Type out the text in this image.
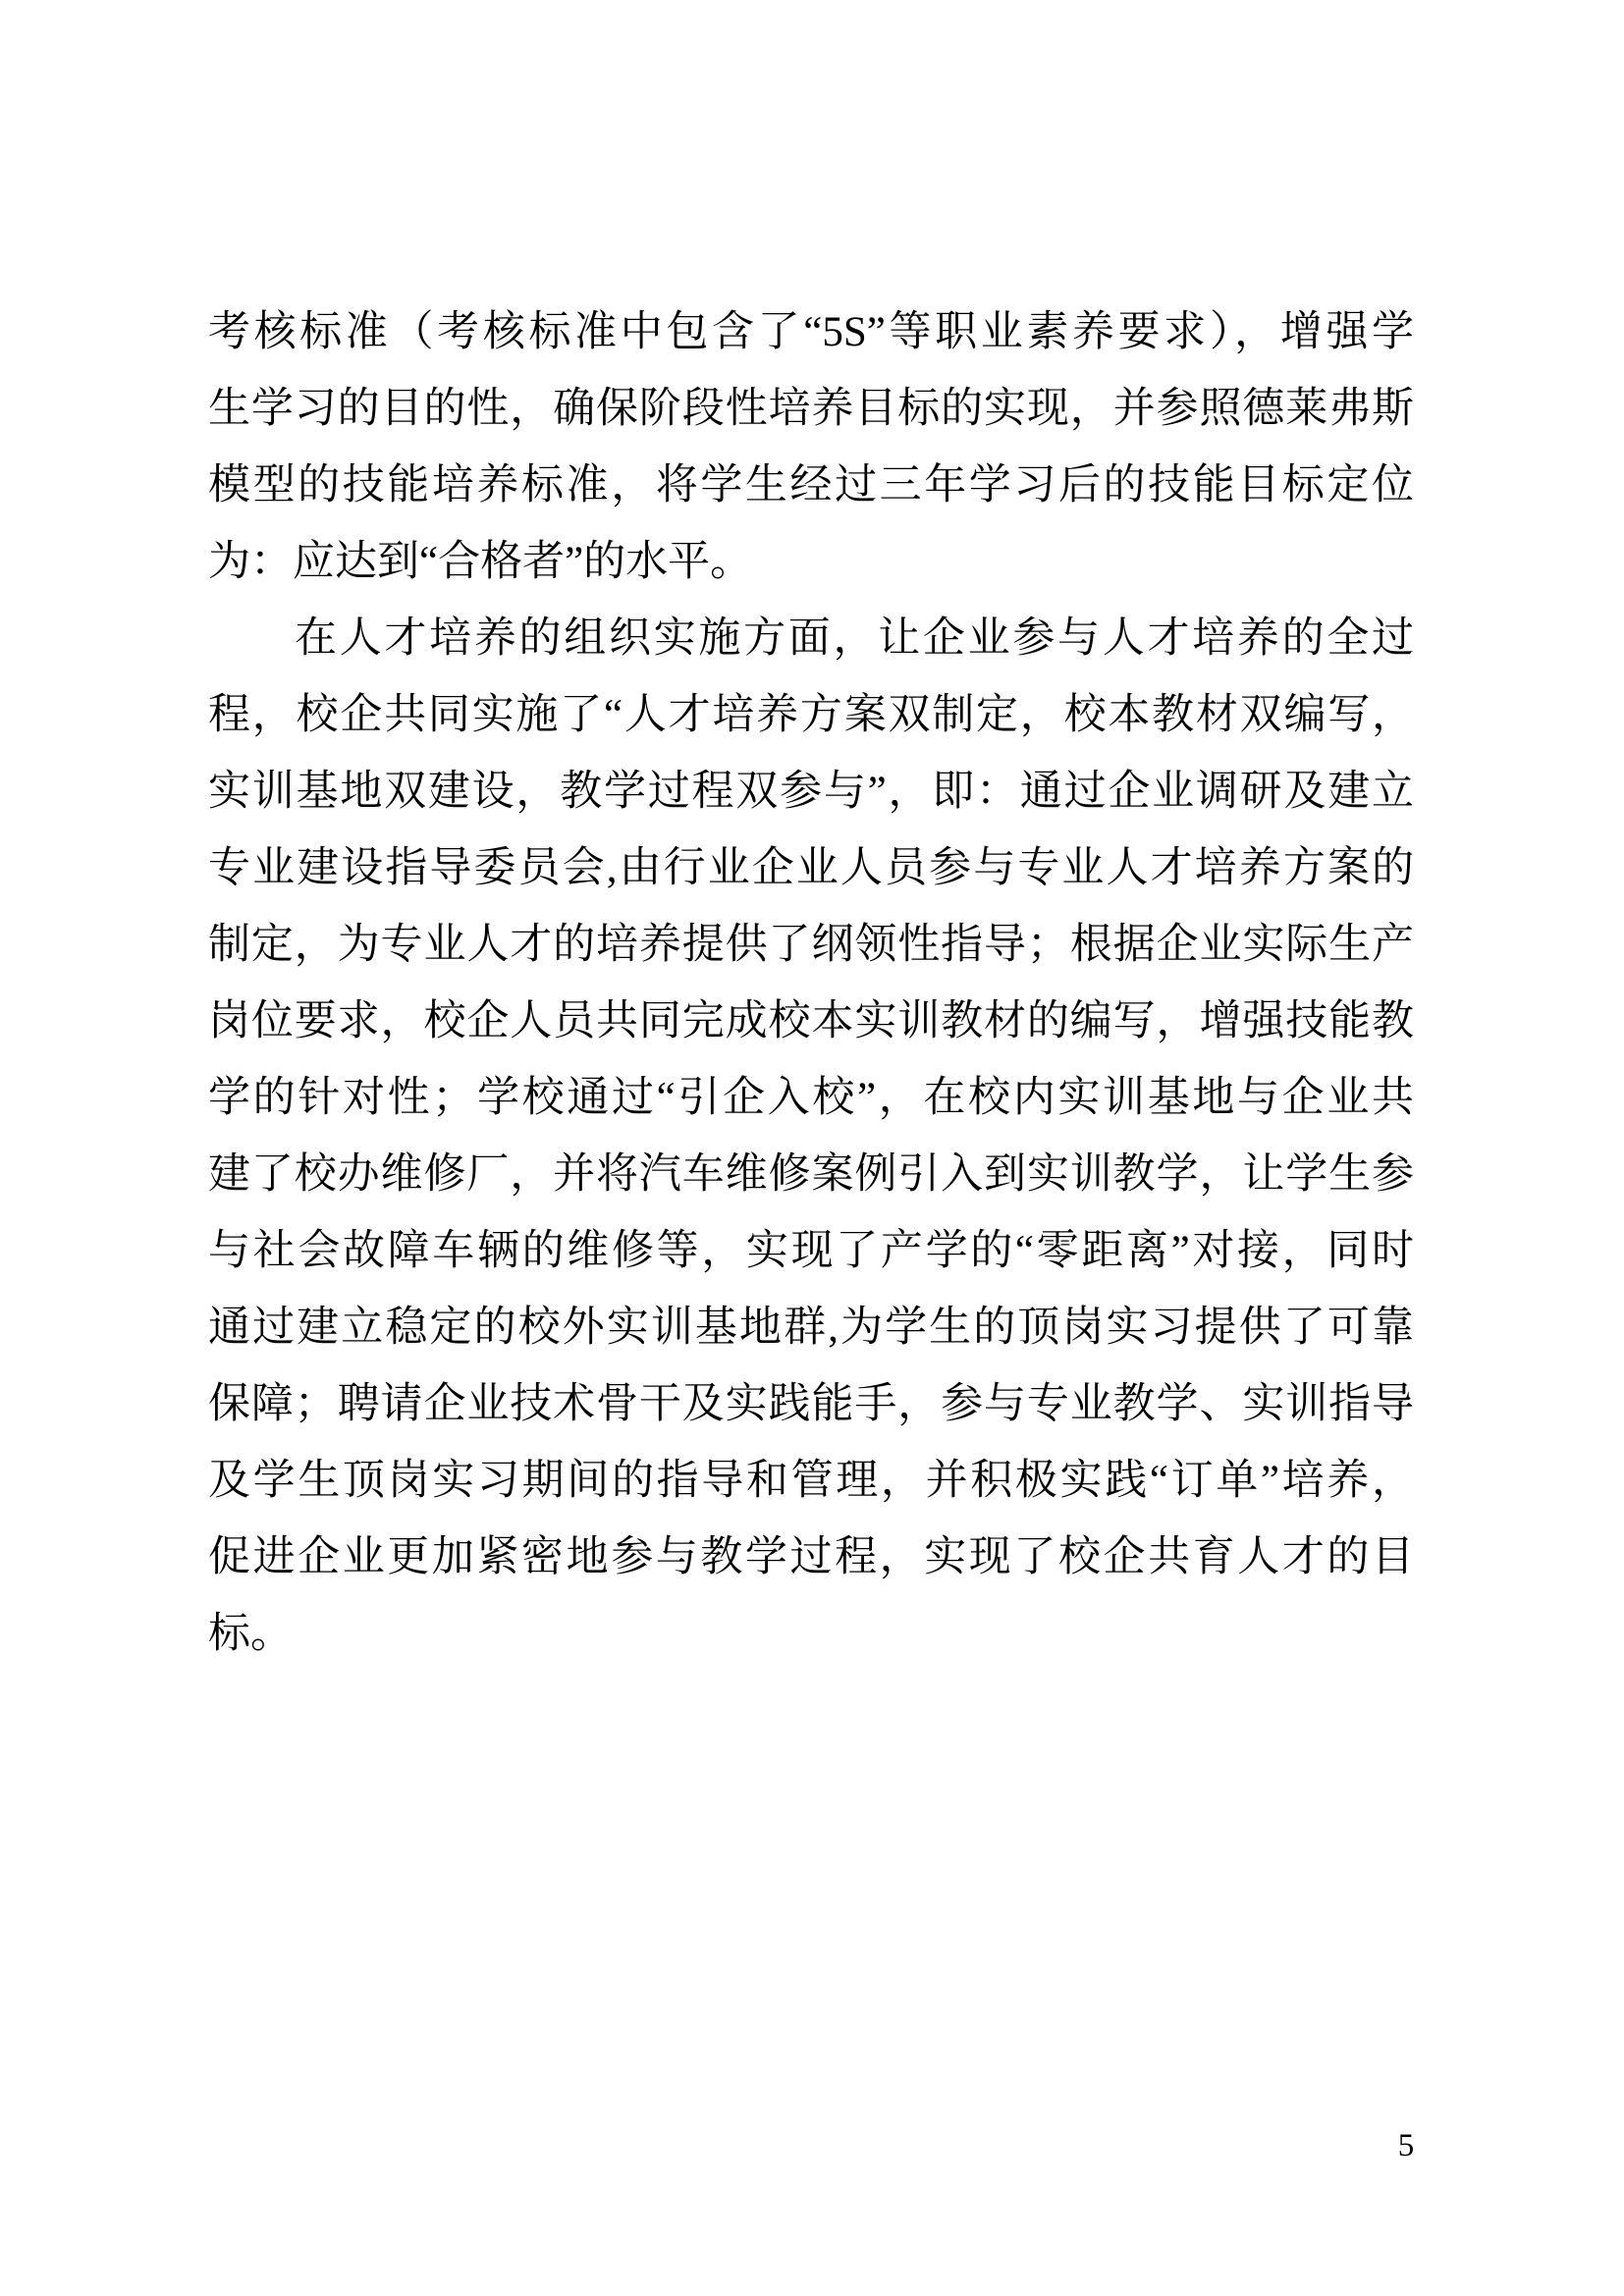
考核标准（考核标准中包含了“5S”等职业素养要求），增强学
生学习的目的性，确保阶段性培养目标的实现，并参照德莱弗斯
模型的技能培养标准，将学生经过三年学习后的技能目标定位
为：应达到“合格者”的水平。
在人才培养的组织实施方面，让企业参与人才培养的全过
程，校企共同实施了“人才培养方案双制定，校本教材双编写，
实训基地双建设，教学过程双参与”，即：通过企业调研及建立
专业建设指导委员会,由行业企业人员参与专业人才培养方案的
制定，为专业人才的培养提供了纲领性指导；根据企业实际生产
岗位要求，校企人员共同完成校本实训教材的编写，增强技能教
学的针对性；学校通过“引企入校”，在校内实训基地与企业共
建了校办维修厂，并将汽车维修案例引入到实训教学，让学生参
与社会故障车辆的维修等，实现了产学的“零距离”对接，同时
通过建立稳定的校外实训基地群,为学生的顶岗实习提供了可靠
保障；聘请企业技术骨干及实践能手，参与专业教学、实训指导
及学生顶岗实习期间的指导和管理，并积极实践“订单”培养，
促进企业更加紧密地参与教学过程，实现了校企共育人才的目
标。
5
